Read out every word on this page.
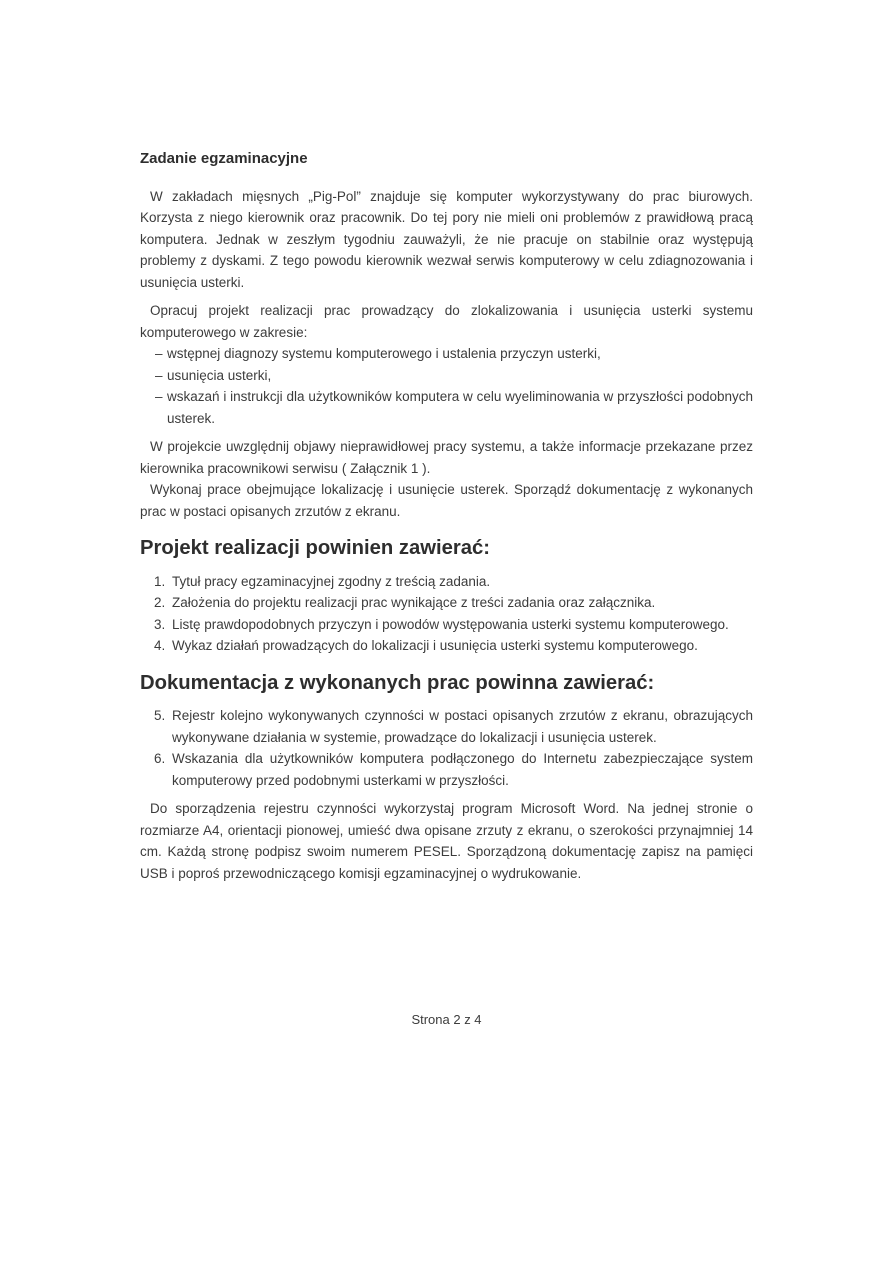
Zadanie egzaminacyjne

W zakładach mięsnych „Pig-Pol” znajduje się komputer wykorzystywany do prac biurowych. Korzysta z niego kierownik oraz pracownik. Do tej pory nie mieli oni problemów z prawidłową pracą komputera. Jednak w zeszłym tygodniu zauważyli, że nie pracuje on stabilnie oraz występują problemy z dyskami. Z tego powodu kierownik wezwał serwis komputerowy w celu zdiagnozowania i usunięcia usterki.

Opracuj projekt realizacji prac prowadzący do zlokalizowania i usunięcia usterki systemu komputerowego w zakresie:

– wstępnej diagnozy systemu komputerowego i ustalenia przyczyn usterki,
– usunięcia usterki,
– wskazań i instrukcji dla użytkowników komputera w celu wyeliminowania w przyszłości podobnych usterek.

W projekcie uwzględnij objawy nieprawidłowej pracy systemu, a także informacje przekazane przez kierownika pracownikowi serwisu ( Załącznik 1 ).

Wykonaj prace obejmujące lokalizację i usunięcie usterek. Sporządź dokumentację z wykonanych prac w postaci opisanych zrzutów z ekranu.

Projekt realizacji powinien zawierać:
1. Tytuł pracy egzaminacyjnej zgodny z treścią zadania.
2. Założenia do projektu realizacji prac wynikające z treści zadania oraz załącznika.
3. Listę prawdopodobnych przyczyn i powodów występowania usterki systemu komputerowego.
4. Wykaz działań prowadzących do lokalizacji i usunięcia usterki systemu komputerowego.
Dokumentacja z wykonanych prac powinna zawierać:
5. Rejestr kolejno wykonywanych czynności w postaci opisanych zrzutów z ekranu, obrazujących wykonywane działania w systemie, prowadzące do lokalizacji i usunięcia usterek.
6. Wskazania dla użytkowników komputera podłączonego do Internetu zabezpieczające system komputerowy przed podobnymi usterkami w przyszłości.

Do sporządzenia rejestru czynności wykorzystaj program Microsoft Word. Na jednej stronie o rozmiarze A4, orientacji pionowej, umieść dwa opisane zrzuty z ekranu, o szerokości przynajmniej 14 cm. Każdą stronę podpisz swoim numerem PESEL. Sporządzoną dokumentację zapisz na pamięci USB i poproś przewodniczącego komisji egzaminacyjnej o wydrukowanie.

Strona 2 z 4
